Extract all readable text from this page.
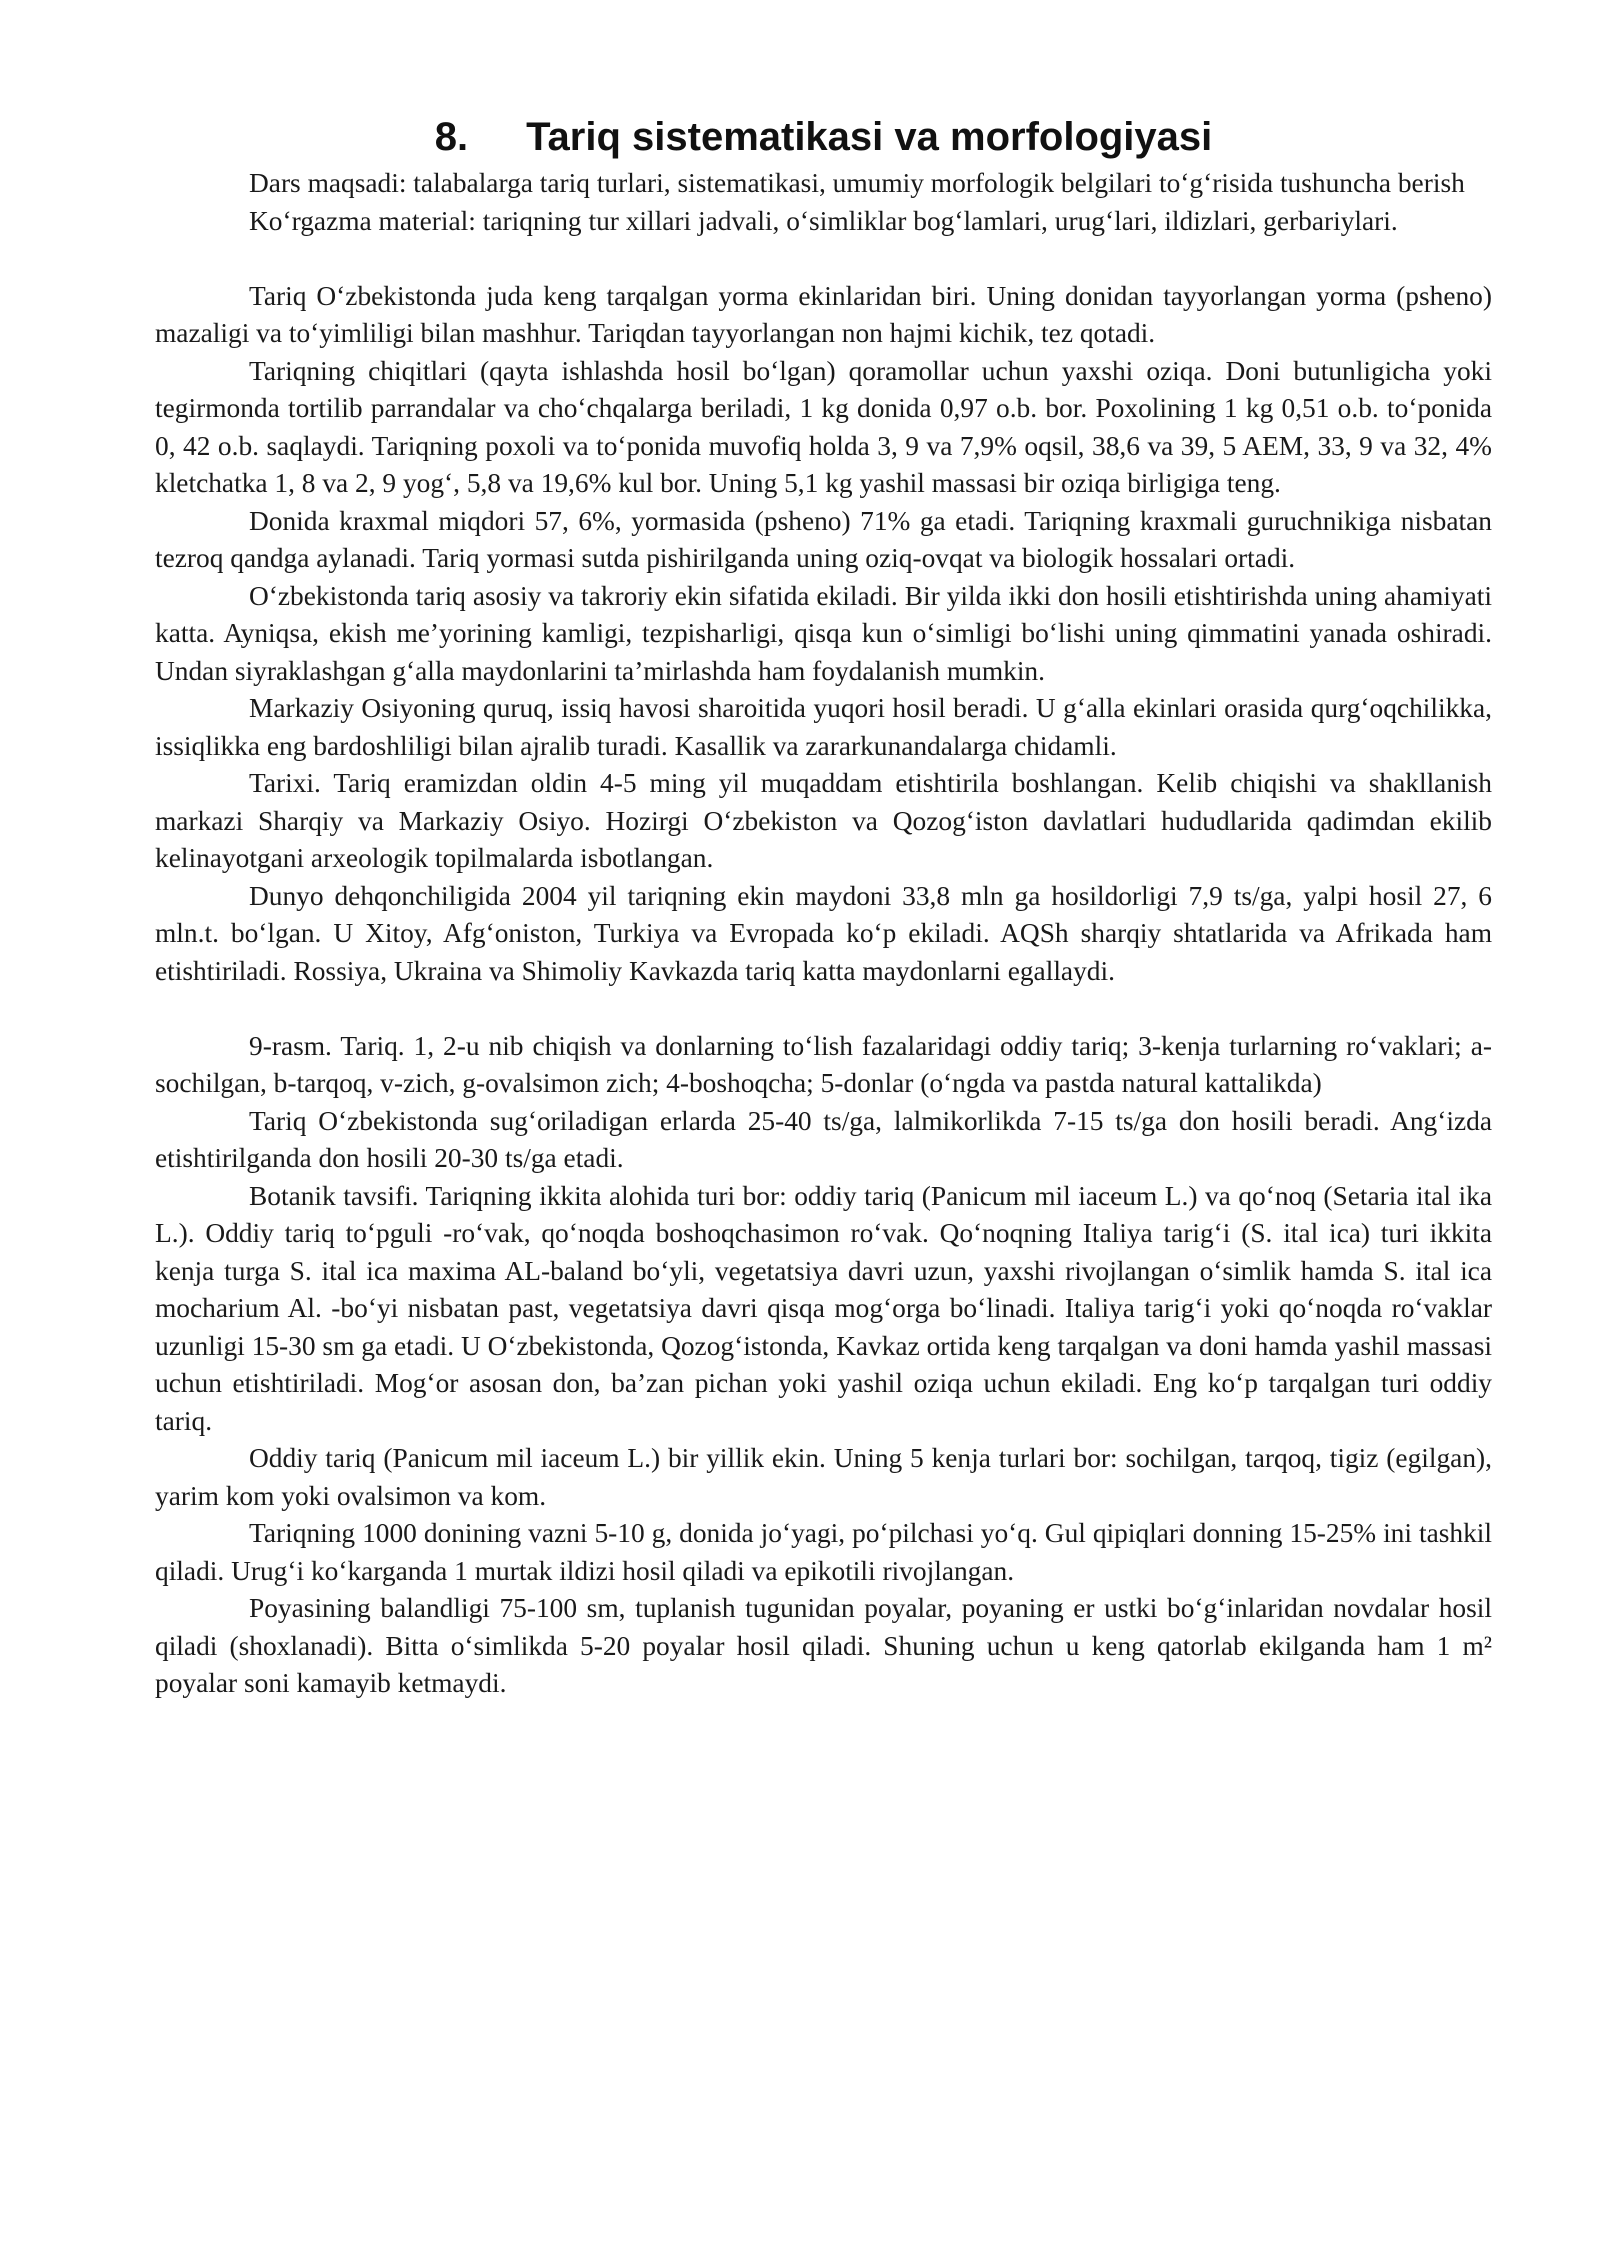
8. Tariq sistematikasi va morfologiyasi

Dars maqsadi: talabalarga tariq turlari, sistematikasi, umumiy morfologik belgilari to‘g‘risida tushuncha berish

Ko‘rgazma material: tariqning tur xillari jadvali, o‘simliklar bog‘lamlari, urug‘lari, ildizlari, gerbariylari.

Tariq O‘zbekistonda juda keng tarqalgan yorma ekinlaridan biri. Uning donidan tayyorlangan yorma (psheno) mazaligi va to‘yimliligi bilan mashhur. Tariqdan tayyorlangan non hajmi kichik, tez qotadi.

Tariqning chiqitlari (qayta ishlashda hosil bo‘lgan) qoramollar uchun yaxshi oziqa. Doni butunligicha yoki tegirmonda tortilib parrandalar va cho‘chqalarga beriladi, 1 kg donida 0,97 o.b. bor. Poxolining 1 kg 0,51 o.b. to‘ponida 0, 42 o.b. saqlaydi. Tariqning poxoli va to‘ponida muvofiq holda 3, 9 va 7,9% oqsil, 38,6 va 39, 5 AEM, 33, 9 va 32, 4% kletchatka 1, 8 va 2, 9 yog‘, 5,8 va 19,6% kul bor. Uning 5,1 kg yashil massasi bir oziqa birligiga teng.

Donida kraxmal miqdori 57, 6%, yormasida (psheno) 71% ga etadi. Tariqning kraxmali guruchnikiga nisbatan tezroq qandga aylanadi. Tariq yormasi sutda pishirilganda uning oziq-ovqat va biologik hossalari ortadi.

O‘zbekistonda tariq asosiy va takroriy ekin sifatida ekiladi. Bir yilda ikki don hosili etishtirishda uning ahamiyati katta. Ayniqsa, ekish me’yorining kamligi, tezpisharligi, qisqa kun o‘simligi bo‘lishi uning qimmatini yanada oshiradi. Undan siyraklashgan g‘alla maydonlarini ta’mirlashda ham foydalanish mumkin.

Markaziy Osiyoning quruq, issiq havosi sharoitida yuqori hosil beradi. U g‘alla ekinlari orasida qurg‘oqchilikka, issiqlikka eng bardoshliligi bilan ajralib turadi. Kasallik va zararkunandalarga chidamli.

Tarixi. Tariq eramizdan oldin 4-5 ming yil muqaddam etishtirila boshlangan. Kelib chiqishi va shakllanish markazi Sharqiy va Markaziy Osiyo. Hozirgi O‘zbekiston va Qozog‘iston davlatlari hududlarida qadimdan ekilib kelinayotgani arxeologik topilmalarda isbotlangan.

Dunyo dehqonchiligida 2004 yil tariqning ekin maydoni 33,8 mln ga hosildorligi 7,9 ts/ga, yalpi hosil 27, 6 mln.t. bo‘lgan. U Xitoy, Afg‘oniston, Turkiya va Evropada ko‘p ekiladi. AQSh sharqiy shtatlarida va Afrikada ham etishtiriladi. Rossiya, Ukraina va Shimoliy Kavkazda tariq katta maydonlarni egallaydi.

9-rasm. Tariq. 1, 2-u nib chiqish va donlarning to‘lish fazalaridagi oddiy tariq; 3-kenja turlarning ro‘vaklari; a-sochilgan, b-tarqoq, v-zich, g-ovalsimon zich; 4-boshoqcha; 5-donlar (o‘ngda va pastda natural kattalikda)

Tariq O‘zbekistonda sug‘oriladigan erlarda 25-40 ts/ga, lalmikorlikda 7-15 ts/ga don hosili beradi. Ang‘izda etishtirilganda don hosili 20-30 ts/ga etadi.

Botanik tavsifi. Tariqning ikkita alohida turi bor: oddiy tariq (Panicum mil iaceum L.) va qo‘noq (Setaria ital ika L.). Oddiy tariq to‘pguli -ro‘vak, qo‘noqda boshoqchasimon ro‘vak. Qo‘noqning Italiya tarig‘i (S. ital ica) turi ikkita kenja turga S. ital ica maxima AL-baland bo‘yli, vegetatsiya davri uzun, yaxshi rivojlangan o‘simlik hamda S. ital ica mocharium Al. -bo‘yi nisbatan past, vegetatsiya davri qisqa mog‘orga bo‘linadi. Italiya tarig‘i yoki qo‘noqda ro‘vaklar uzunligi 15-30 sm ga etadi. U O‘zbekistonda, Qozog‘istonda, Kavkaz ortida keng tarqalgan va doni hamda yashil massasi uchun etishtiriladi. Mog‘or asosan don, ba’zan pichan yoki yashil oziqa uchun ekiladi. Eng ko‘p tarqalgan turi oddiy tariq.

Oddiy tariq (Panicum mil iaceum L.) bir yillik ekin. Uning 5 kenja turlari bor: sochilgan, tarqoq, tigiz (egilgan), yarim kom yoki ovalsimon va kom.

Tariqning 1000 donining vazni 5-10 g, donida jo‘yagi, po‘pilchasi yo‘q. Gul qipiqlari donning 15-25% ini tashkil qiladi. Urug‘i ko‘karganda 1 murtak ildizi hosil qiladi va epikotili rivojlangan.

Poyasining balandligi 75-100 sm, tuplanish tugunidan poyalar, poyaning er ustki bo‘g‘inlaridan novdalar hosil qiladi (shoxlanadi). Bitta o‘simlikda 5-20 poyalar hosil qiladi. Shuning uchun u keng qatorlab ekilganda ham 1 m² poyalar soni kamayib ketmaydi.
